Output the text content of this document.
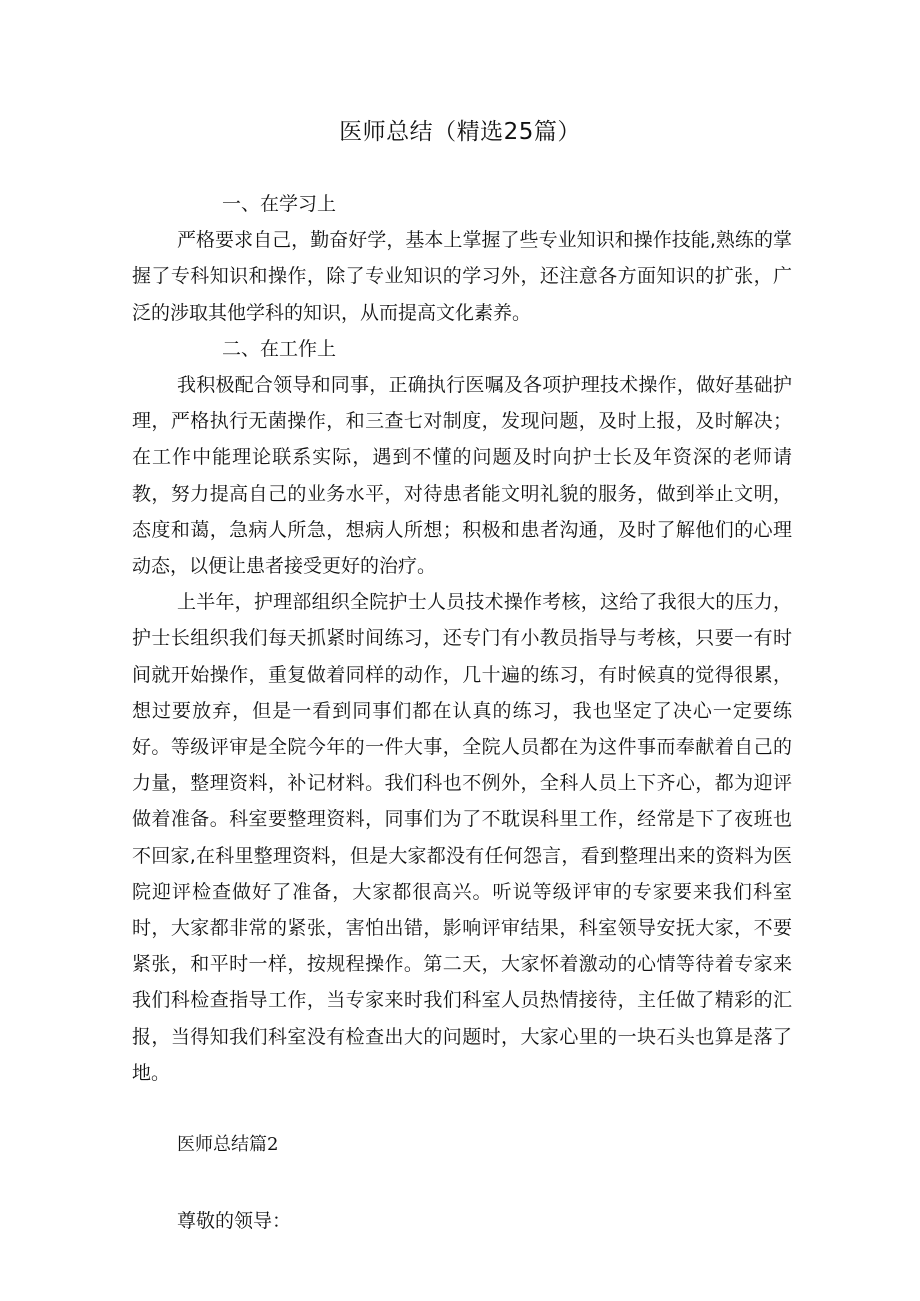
医师总结（精选25篇）

一、在学习上

严格要求自己，勤奋好学，基本上掌握了些专业知识和操作技能,熟练的掌握了专科知识和操作，除了专业知识的学习外，还注意各方面知识的扩张，广泛的涉取其他学科的知识，从而提高文化素养。

二、在工作上

我积极配合领导和同事，正确执行医嘱及各项护理技术操作，做好基础护理，严格执行无菌操作，和三查七对制度，发现问题，及时上报，及时解决；在工作中能理论联系实际，遇到不懂的问题及时向护士长及年资深的老师请教，努力提高自己的业务水平，对待患者能文明礼貌的服务，做到举止文明，态度和蔼，急病人所急，想病人所想；积极和患者沟通，及时了解他们的心理动态，以便让患者接受更好的治疗。

上半年，护理部组织全院护士人员技术操作考核，这给了我很大的压力，护士长组织我们每天抓紧时间练习，还专门有小教员指导与考核，只要一有时间就开始操作，重复做着同样的动作，几十遍的练习，有时候真的觉得很累，想过要放弃，但是一看到同事们都在认真的练习，我也坚定了决心一定要练好。等级评审是全院今年的一件大事，全院人员都在为这件事而奉献着自己的力量，整理资料，补记材料。我们科也不例外，全科人员上下齐心，都为迎评做着准备。科室要整理资料，同事们为了不耽误科里工作，经常是下了夜班也不回家,在科里整理资料，但是大家都没有任何怨言，看到整理出来的资料为医院迎评检查做好了准备，大家都很高兴。听说等级评审的专家要来我们科室时，大家都非常的紧张，害怕出错，影响评审结果，科室领导安抚大家，不要紧张，和平时一样，按规程操作。第二天，大家怀着激动的心情等待着专家来我们科检查指导工作，当专家来时我们科室人员热情接待，主任做了精彩的汇报，当得知我们科室没有检查出大的问题时，大家心里的一块石头也算是落了地。

医师总结篇2

尊敬的领导：
